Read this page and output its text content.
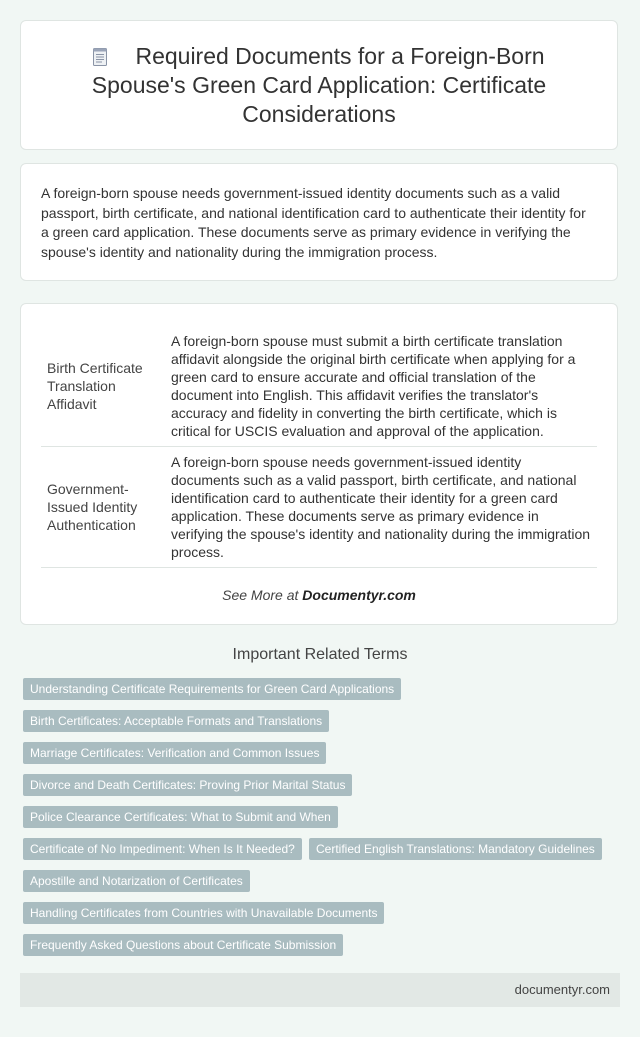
Required Documents for a Foreign-Born Spouse's Green Card Application: Certificate Considerations

A foreign-born spouse needs government-issued identity documents such as a valid passport, birth certificate, and national identification card to authenticate their identity for a green card application. These documents serve as primary evidence in verifying the spouse's identity and nationality during the immigration process.

Birth Certificate Translation Affidavit	A foreign-born spouse must submit a birth certificate translation affidavit alongside the original birth certificate when applying for a green card to ensure accurate and official translation of the document into English. This affidavit verifies the translator's accuracy and fidelity in converting the birth certificate, which is critical for USCIS evaluation and approval of the application.
Government-Issued Identity Authentication	A foreign-born spouse needs government-issued identity documents such as a valid passport, birth certificate, and national identification card to authenticate their identity for a green card application. These documents serve as primary evidence in verifying the spouse's identity and nationality during the immigration process.
See More at Documentyr.com
Important Related Terms
Understanding Certificate Requirements for Green Card Applications
Birth Certificates: Acceptable Formats and Translations
Marriage Certificates: Verification and Common Issues
Divorce and Death Certificates: Proving Prior Marital Status
Police Clearance Certificates: What to Submit and When
Certificate of No Impediment: When Is It Needed?	Certified English Translations: Mandatory Guidelines
Apostille and Notarization of Certificates
Handling Certificates from Countries with Unavailable Documents
Frequently Asked Questions about Certificate Submission
documentyr.com
